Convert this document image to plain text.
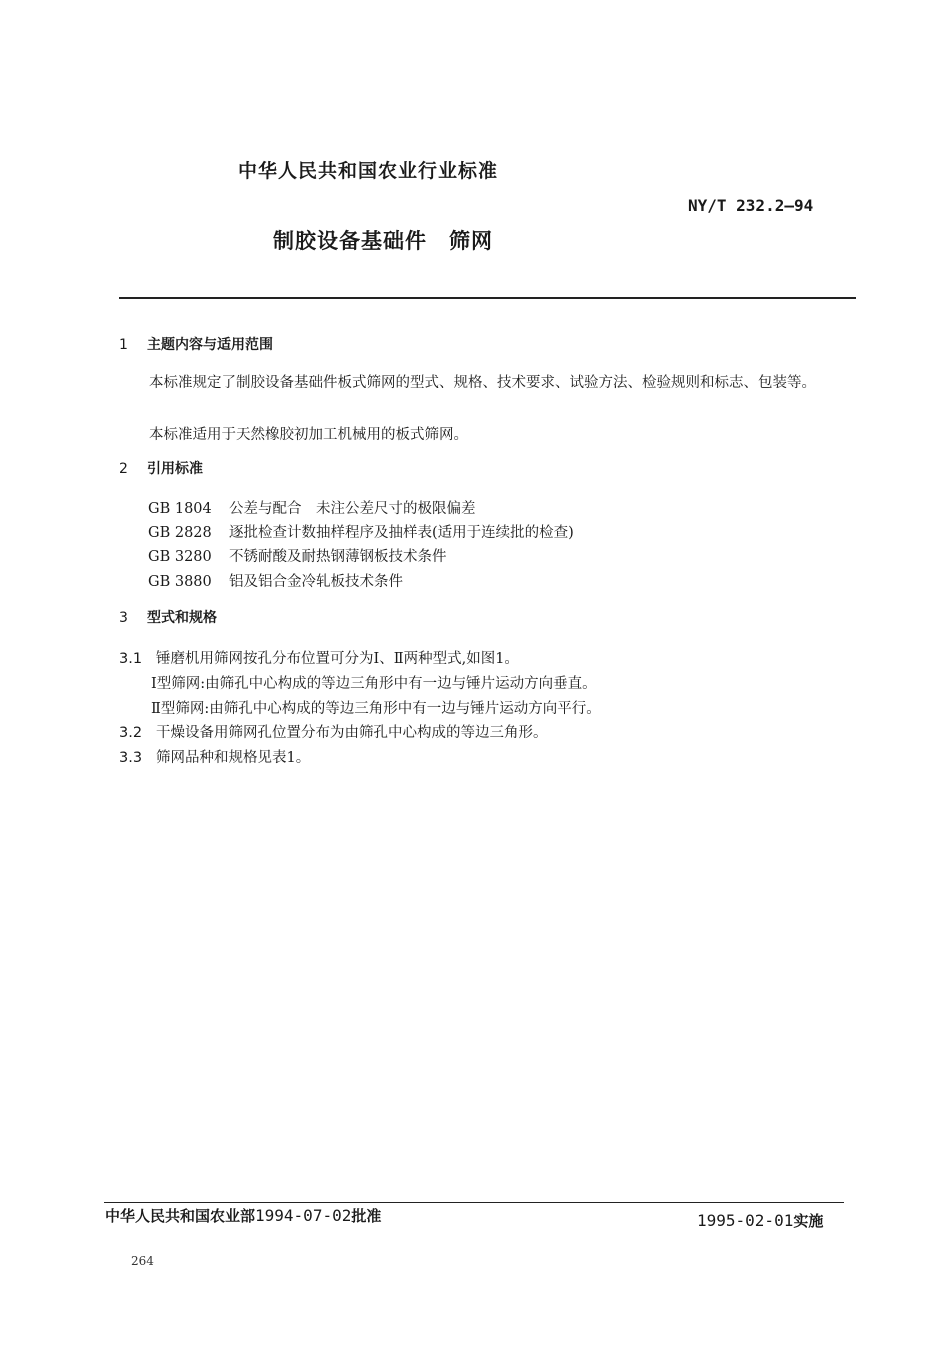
中华人民共和国农业行业标准
NY/T 232.2—94
制胶设备基础件　筛网
1 主题内容与适用范围
本标准规定了制胶设备基础件板式筛网的型式、规格、技术要求、试验方法、检验规则和标志、包装等。
本标准适用于天然橡胶初加工机械用的板式筛网。
2 引用标准
GB 1804 公差与配合　未注公差尺寸的极限偏差
GB 2828 逐批检查计数抽样程序及抽样表(适用于连续批的检查)
GB 3280 不锈耐酸及耐热钢薄钢板技术条件
GB 3880 铝及铝合金冷轧板技术条件
3 型式和规格
3.1 锤磨机用筛网按孔分布位置可分为Ⅰ、Ⅱ两种型式,如图1。
Ⅰ型筛网:由筛孔中心构成的等边三角形中有一边与锤片运动方向垂直。
Ⅱ型筛网:由筛孔中心构成的等边三角形中有一边与锤片运动方向平行。
3.2 干燥设备用筛网孔位置分布为由筛孔中心构成的等边三角形。
3.3 筛网品种和规格见表1。
中华人民共和国农业部1994-07-02批准	1995-02-01实施
264
